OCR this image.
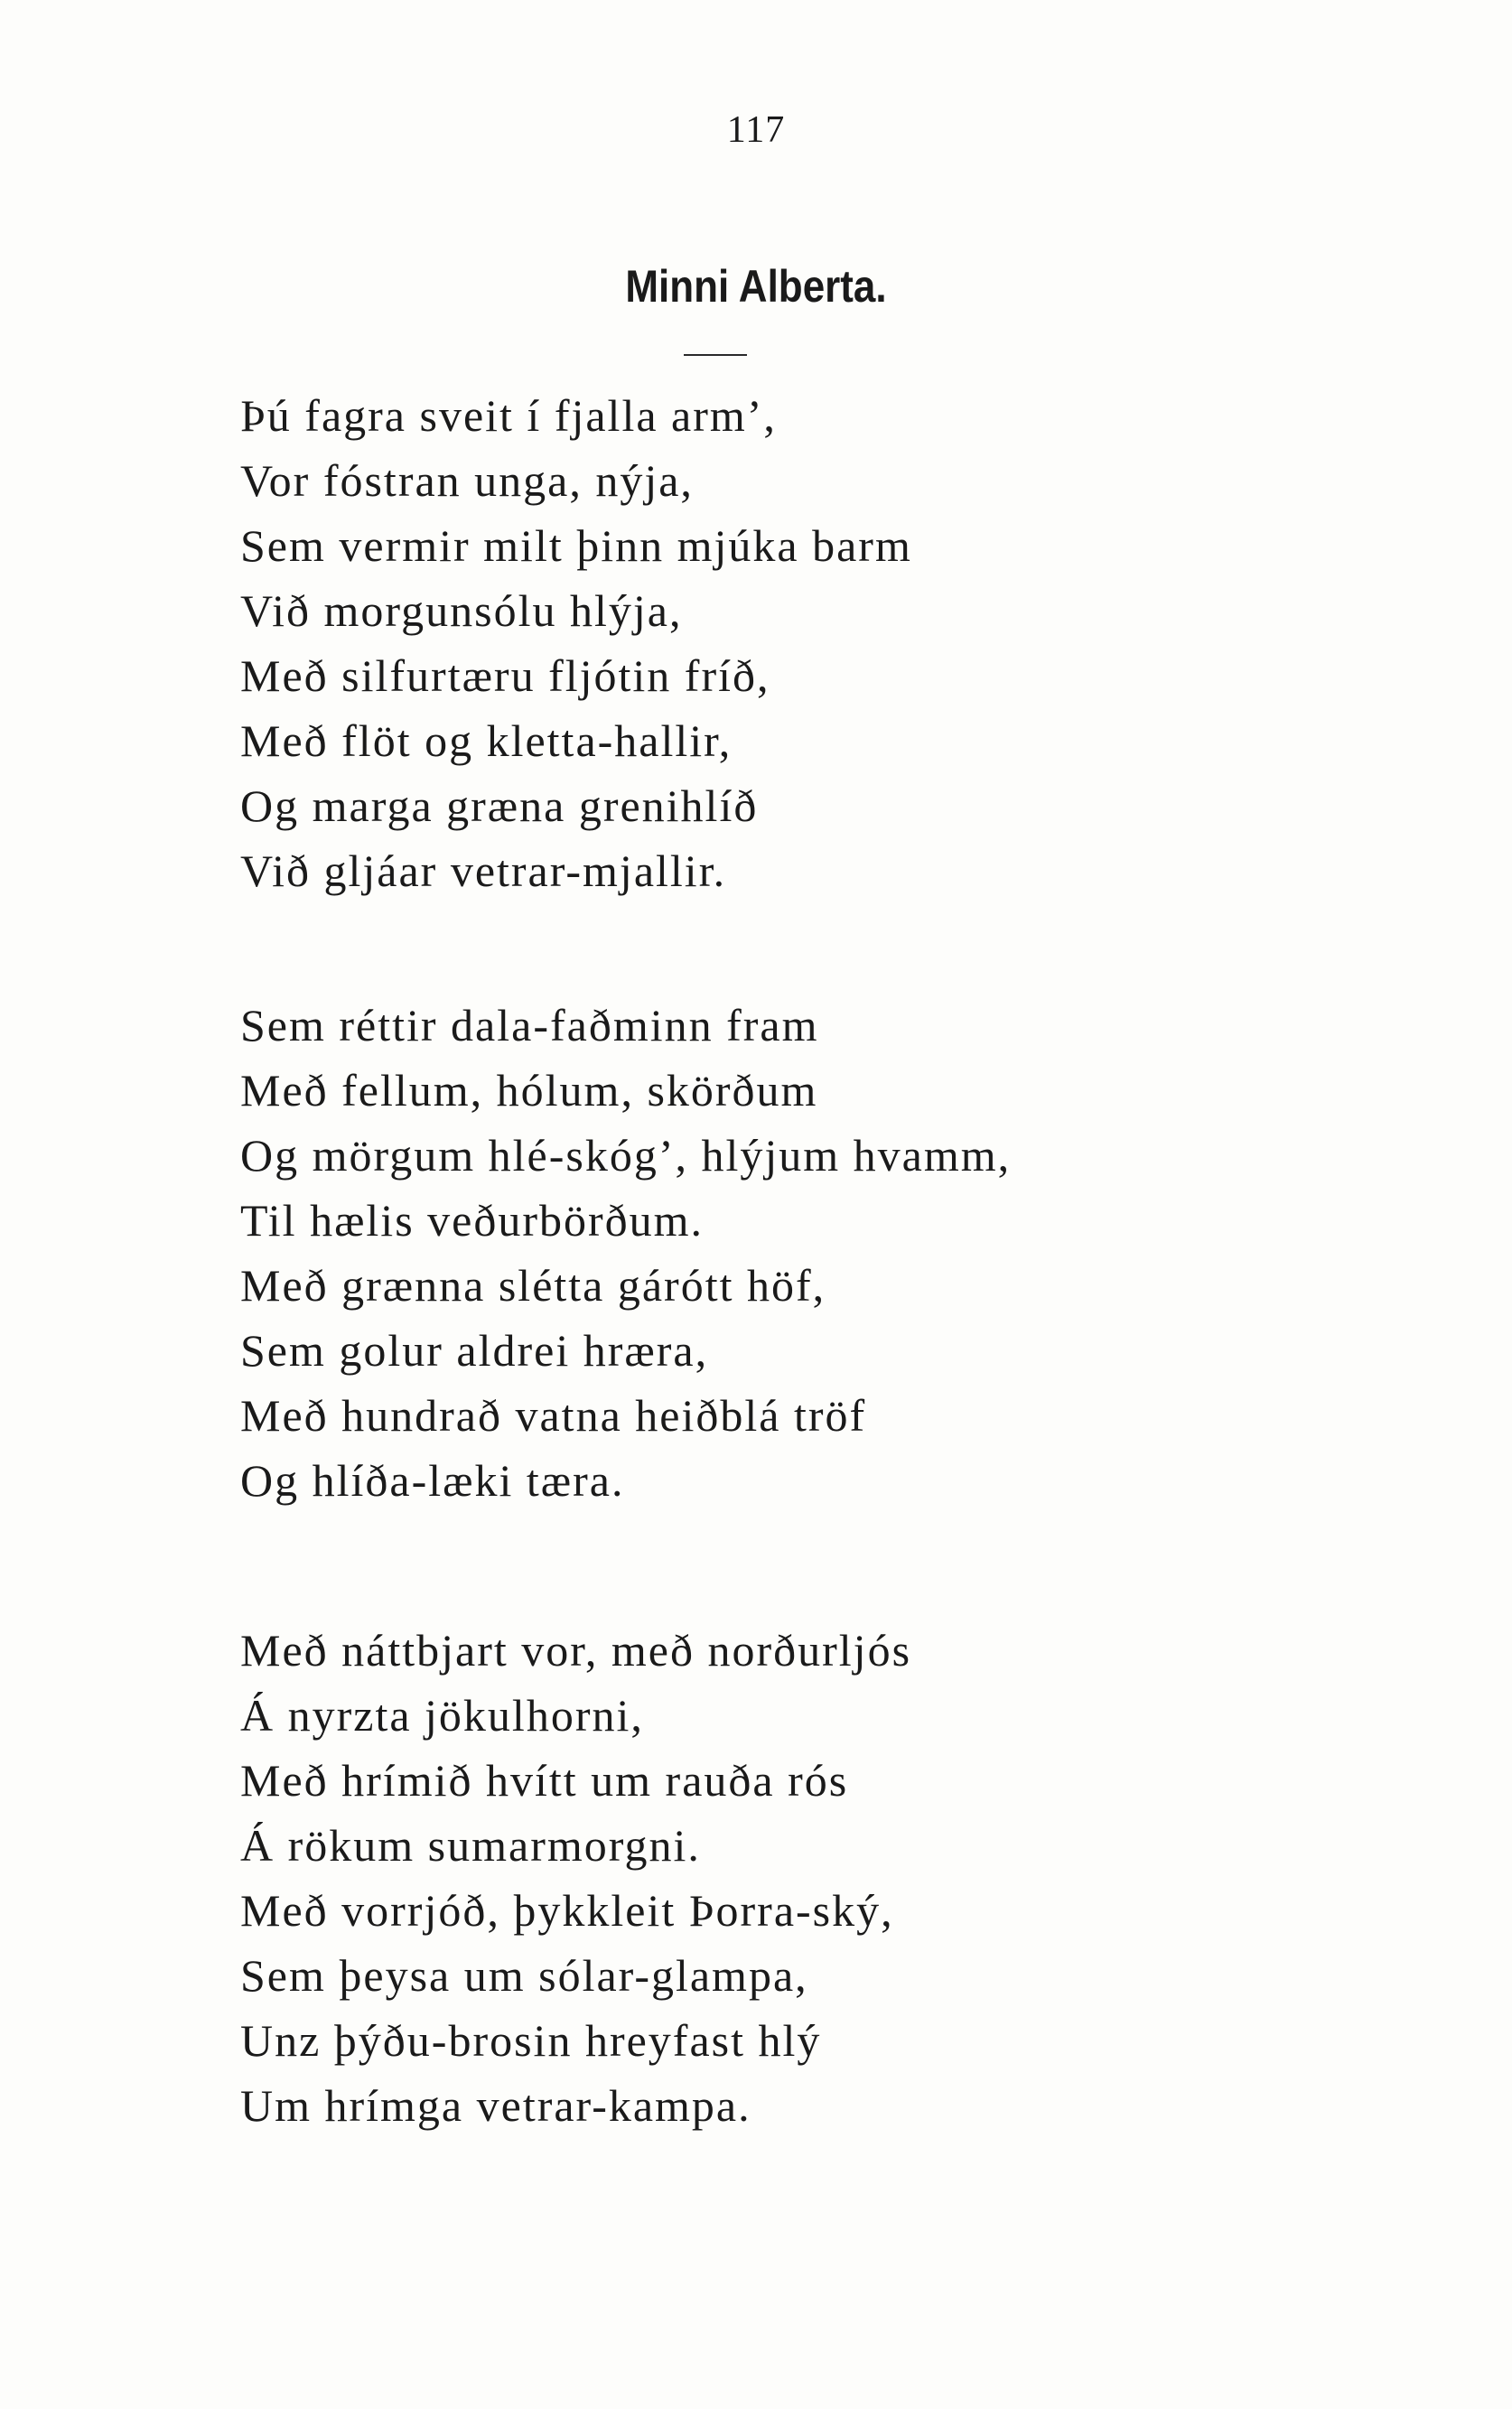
117
Minni Alberta.
Þú fagra sveit í fjalla arm’,
Vor fóstran unga, nýja,
Sem vermir milt þinn mjúka barm
Við morgunsólu hlýja,
Með silfurtæru fljótin fríð,
Með flöt og kletta-hallir,
Og marga græna grenihlíð
Við gljáar vetrar-mjallir.
Sem réttir dala-faðminn fram
Með fellum, hólum, skörðum
Og mörgum hlé-skóg’, hlýjum hvamm,
Til hælis veðurbörðum.
Með grænna slétta gárótt höf,
Sem golur aldrei hræra,
Með hundrað vatna heiðblá tröf
Og hlíða-læki tæra.
Með náttbjart vor, með norðurljós
Á nyrzta jökulhorni,
Með hrímið hvítt um rauða rós
Á rökum sumarmorgni.
Með vorrjóð, þykkleit Þorra-ský,
Sem þeysa um sólar-glampa,
Unz þýðu-brosin hreyfast hlý
Um hrímga vetrar-kampa.
